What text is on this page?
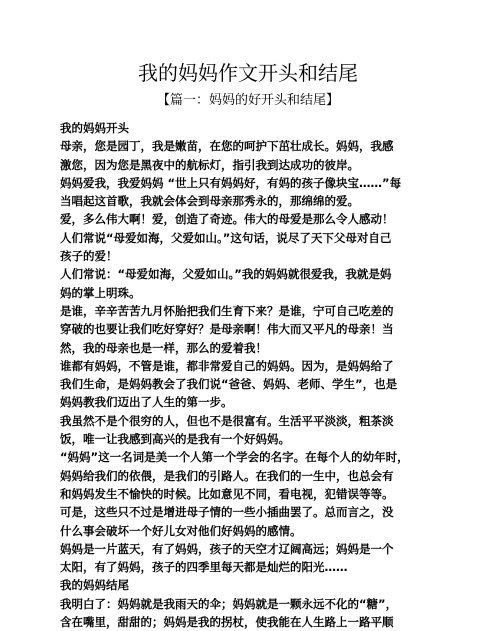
我的妈妈作文开头和结尾
【篇一：妈妈的好开头和结尾】
我的妈妈开头
母亲，您是园丁，我是嫩苗，在您的呵护下茁壮成长。妈妈，我感
激您，因为您是黑夜中的航标灯，指引我到达成功的彼岸。
妈妈爱我，我爱妈妈 “世上只有妈妈好，有妈的孩子像块宝……”每
当唱起这首歌，我就会体会到母亲那秀永的，那绵绵的爱。
爱，多么伟大啊！爱，创造了奇迹。伟大的母爱是那么令人感动！
人们常说“母爱如海，父爱如山。”这句话，说尽了天下父母对自己
孩子的爱！
人们常说：“母爱如海，父爱如山。”我的妈妈就很爱我，我就是妈
妈的掌上明珠。
是谁，辛辛苦苦九月怀胎把我们生育下来？是谁，宁可自己吃差的
穿破的也要让我们吃好穿好？是母亲啊！伟大而又平凡的母亲！当
然，我的母亲也是一样，那么的爱着我！
谁都有妈妈，不管是谁，都非常爱自己的妈妈。因为，是妈妈给了
我们生命，是妈妈教会了我们说“爸爸、妈妈、老师、学生”，也是
妈妈教我们迈出了人生的第一步。
我虽然不是个很穷的人，但也不是很富有。生活平平淡淡，粗茶淡
饭，唯一让我感到高兴的是我有一个好妈妈。
“妈妈”这一名词是美一个人第一个学会的名字。在每个人的幼年时，
妈妈给我们的依偎，是我们的引路人。在我们的一生中，也总会有
和妈妈发生不愉快的时候。比如意见不同，看电视，犯错误等等。
可是，这些只不过是增进母子情的一些小插曲罢了。总而言之，没
什么事会破坏一个好儿女对他们好妈妈的感情。
妈妈是一片蓝天，有了妈妈，孩子的天空才辽阔高远；妈妈是一个
太阳，有了妈妈，孩子的四季里每天都是灿烂的阳光……
我的妈妈结尾
我明白了：妈妈就是我雨天的伞；妈妈就是一颗永远不化的“糖”，
含在嘴里，甜甜的；妈妈是我的拐杖，使我能在人生路上一路平顺
